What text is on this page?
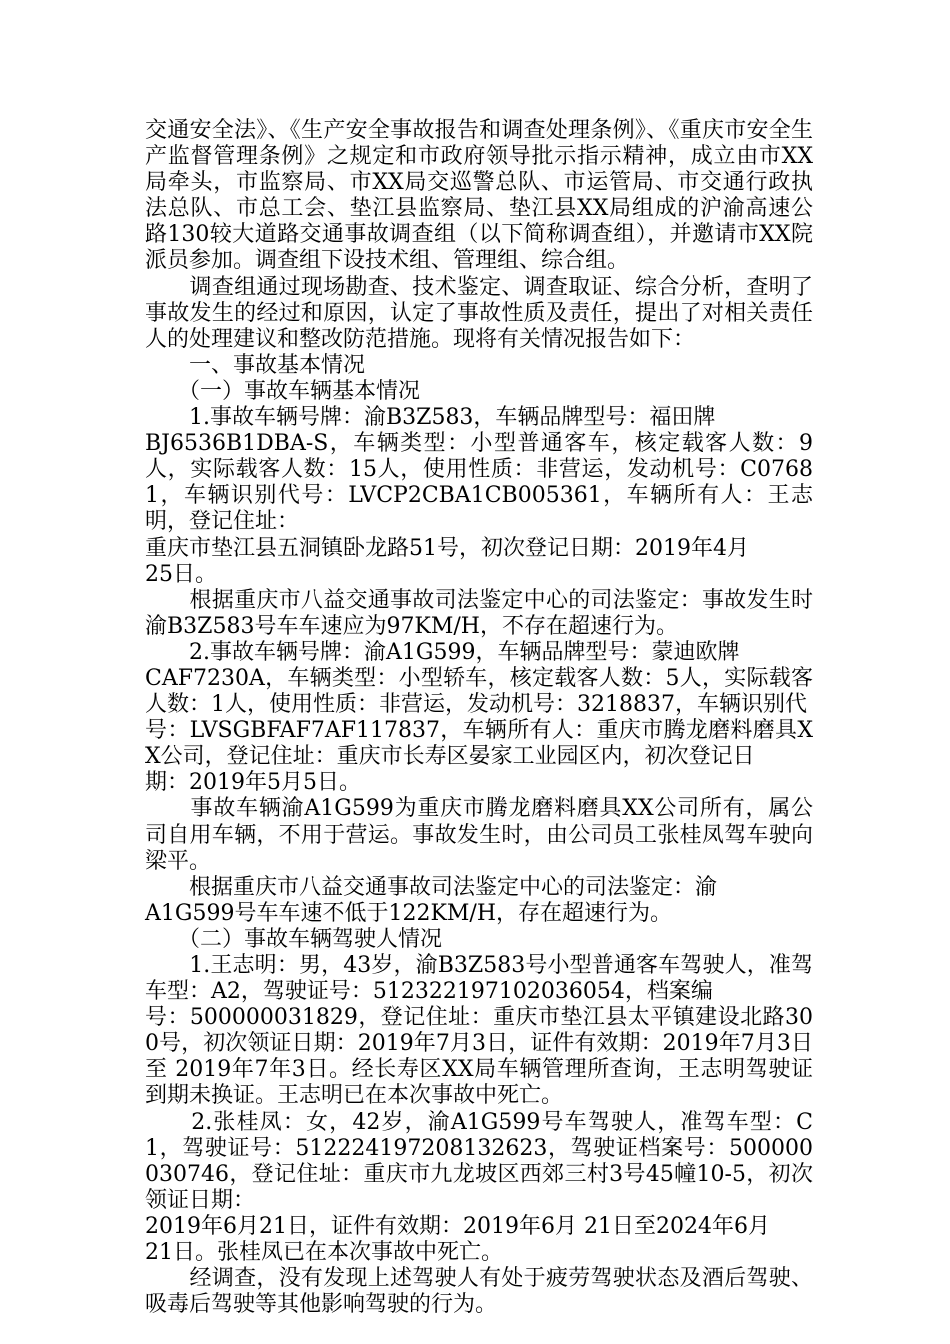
交通安全法》、《生产安全事故报告和调查处理条例》、《重庆市安全生产监督管理条例》之规定和市政府领导批示指示精神，成立由市XX局牵头，市监察局、市XX局交巡警总队、市运管局、市交通行政执法总队、市总工会、垫江县监察局、垫江县XX局组成的沪渝高速公路130较大道路交通事故调查组（以下简称调查组），并邀请市XX院派员参加。调查组下设技术组、管理组、综合组。

　　调查组通过现场勘查、技术鉴定、调查取证、综合分析，查明了事故发生的经过和原因，认定了事故性质及责任，提出了对相关责任人的处理建议和整改防范措施。现将有关情况报告如下：

　　一、事故基本情况

　　（一）事故车辆基本情况

　　1.事故车辆号牌：渝B3Z583，车辆品牌型号：福田牌
BJ6536B1DBA-S，车辆类型：小型普通客车，核定载客人数：9人，实际载客人数：15人，使用性质：非营运，发动机号：C07681，车辆识别代号：LVCP2CBA1CB005361，车辆所有人：王志明，登记住址：
重庆市垫江县五洞镇卧龙路51号，初次登记日期：2019年4月
25日。

　　根据重庆市八益交通事故司法鉴定中心的司法鉴定：事故发生时渝B3Z583号车车速应为97KM/H，不存在超速行为。

　　2.事故车辆号牌：渝A1G599，车辆品牌型号：蒙迪欧牌
CAF7230A，车辆类型：小型轿车，核定载客人数：5人，实际载客人数：1人，使用性质：非营运，发动机号：3218837，车辆识别代
号：LVSGBFAF7AF117837，车辆所有人：重庆市腾龙磨料磨具XX公司，登记住址：重庆市长寿区晏家工业园区内，初次登记日
期：2019年5月5日。

　　事故车辆渝A1G599为重庆市腾龙磨料磨具XX公司所有，属公司自用车辆，不用于营运。事故发生时，由公司员工张桂凤驾车驶向梁平。

　　根据重庆市八益交通事故司法鉴定中心的司法鉴定：渝
A1G599号车车速不低于122KM/H，存在超速行为。

　　（二）事故车辆驾驶人情况

　　1.王志明：男，43岁，渝B3Z583号小型普通客车驾驶人，准驾车型：A2，驾驶证号：512322197102036054，档案编
号：500000031829，登记住址：重庆市垫江县太平镇建设北路300号，初次领证日期：2019年7月3日，证件有效期：2019年7月3日至 2019年7年3日。经长寿区XX局车辆管理所查询，王志明驾驶证到期未换证。王志明已在本次事故中死亡。

　　2.张桂凤：女，42岁，渝A1G599号车驾驶人，准驾车型：C1，驾驶证号：512224197208132623，驾驶证档案号：500000030746，登记住址：重庆市九龙坡区西郊三村3号45幢10-5，初次领证日期：
2019年6月21日，证件有效期：2019年6月 21日至2024年6月
21日。张桂凤已在本次事故中死亡。

　　经调查，没有发现上述驾驶人有处于疲劳驾驶状态及酒后驾驶、吸毒后驾驶等其他影响驾驶的行为。
